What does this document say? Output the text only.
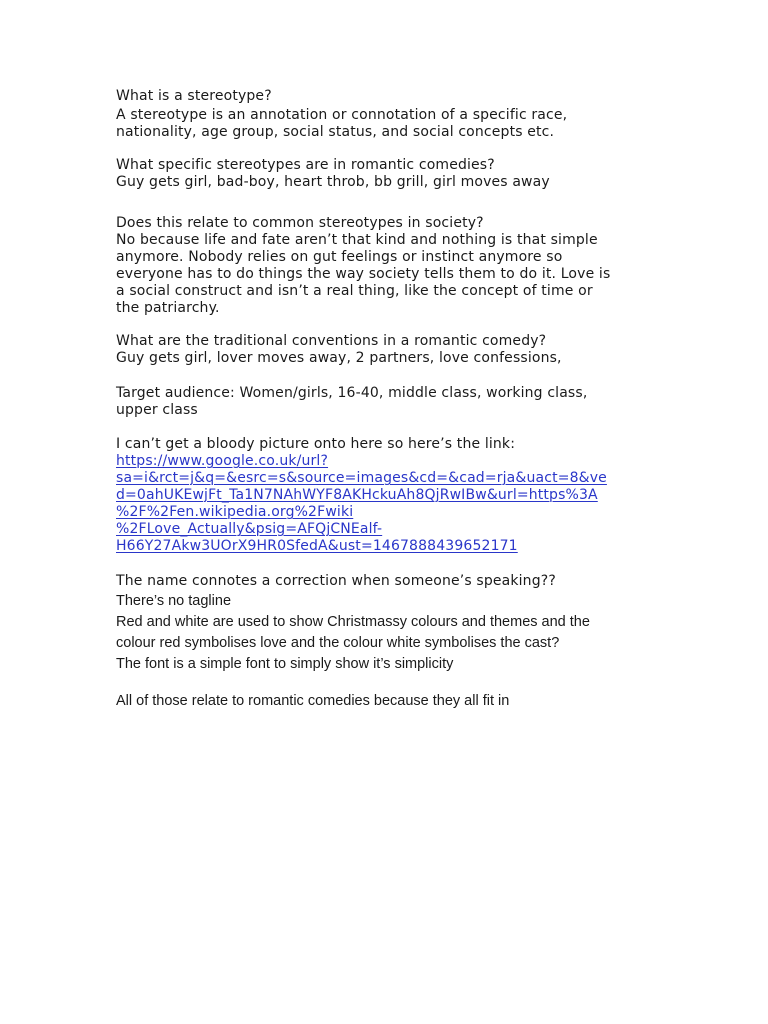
What is a stereotype?
A stereotype is an annotation or connotation of a specific race,
nationality, age group, social status, and social concepts etc.
What specific stereotypes are in romantic comedies?
Guy gets girl, bad-boy, heart throb, bb grill, girl moves away
Does this relate to common stereotypes in society?
No because life and fate aren’t that kind and nothing is that simple
anymore. Nobody relies on gut feelings or instinct anymore so
everyone has to do things the way society tells them to do it. Love is
a social construct and isn’t a real thing, like the concept of time or
the patriarchy.
What are the traditional conventions in a romantic comedy?
Guy gets girl, lover moves away, 2 partners, love confessions,
Target audience: Women/girls, 16-40, middle class, working class,
upper class
I can’t get a bloody picture onto here so here’s the link:
https://www.google.co.uk/url?
sa=i&rct=j&q=&esrc=s&source=images&cd=&cad=rja&uact=8&ve
d=0ahUKEwjFt_Ta1N7NAhWYF8AKHckuAh8QjRwIBw&url=https%3A
%2F%2Fen.wikipedia.org%2Fwiki
%2FLove_Actually&psig=AFQjCNEalf-
H66Y27Akw3UOrX9HR0SfedA&ust=1467888439652171
The name connotes a correction when someone’s speaking??
There’s no tagline
Red and white are used to show Christmassy colours and themes and the
colour red symbolises love and the colour white symbolises the cast?
The font is a simple font to simply show it’s simplicity
All of those relate to romantic comedies because they all fit in
